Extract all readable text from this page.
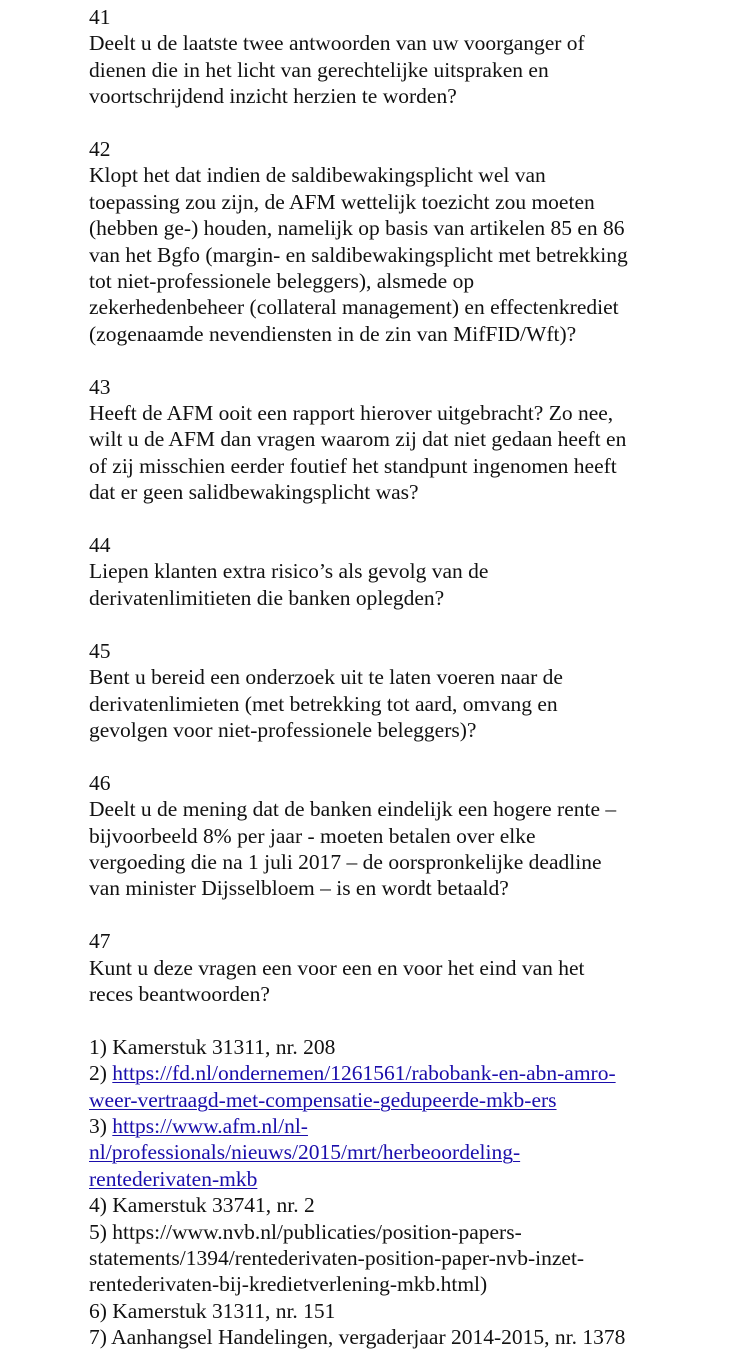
41
Deelt u de laatste twee antwoorden van uw voorganger of
dienen die in het licht van gerechtelijke uitspraken en
voortschrijdend inzicht herzien te worden?
42
Klopt het dat indien de saldibewakingsplicht wel van
toepassing zou zijn, de AFM wettelijk toezicht zou moeten
(hebben ge-) houden, namelijk op basis van artikelen 85 en 86
van het Bgfo (margin- en saldibewakingsplicht met betrekking
tot niet-professionele beleggers), alsmede op
zekerhedenbeheer (collateral management) en effectenkrediet
(zogenaamde nevendiensten in de zin van MifFID/Wft)?
43
Heeft de AFM ooit een rapport hierover uitgebracht? Zo nee,
wilt u de AFM dan vragen waarom zij dat niet gedaan heeft en
of zij misschien eerder foutief het standpunt ingenomen heeft
dat er geen salidbewakingsplicht was?
44
Liepen klanten extra risico’s als gevolg van de
derivatenlimitieten die banken oplegden?
45
Bent u bereid een onderzoek uit te laten voeren naar de
derivatenlimieten (met betrekking tot aard, omvang en
gevolgen voor niet-professionele beleggers)?
46
Deelt u de mening dat de banken eindelijk een hogere rente –
bijvoorbeeld 8% per jaar - moeten betalen over elke
vergoeding die na 1 juli 2017 – de oorspronkelijke deadline
van minister Dijsselbloem – is en wordt betaald?
47
Kunt u deze vragen een voor een en voor het eind van het
reces beantwoorden?
1) Kamerstuk 31311, nr. 208
2) https://fd.nl/ondernemen/1261561/rabobank-en-abn-amro-
weer-vertraagd-met-compensatie-gedupeerde-mkb-ers
3) https://www.afm.nl/nl-
nl/professionals/nieuws/2015/mrt/herbeoordeling-
rentederivaten-mkb
4) Kamerstuk 33741, nr. 2
5) https://www.nvb.nl/publicaties/position-papers-
statements/1394/rentederivaten-position-paper-nvb-inzet-
rentederivaten-bij-kredietverlening-mkb.html)
6) Kamerstuk 31311, nr. 151
7) Aanhangsel Handelingen, vergaderjaar 2014-2015, nr. 1378
